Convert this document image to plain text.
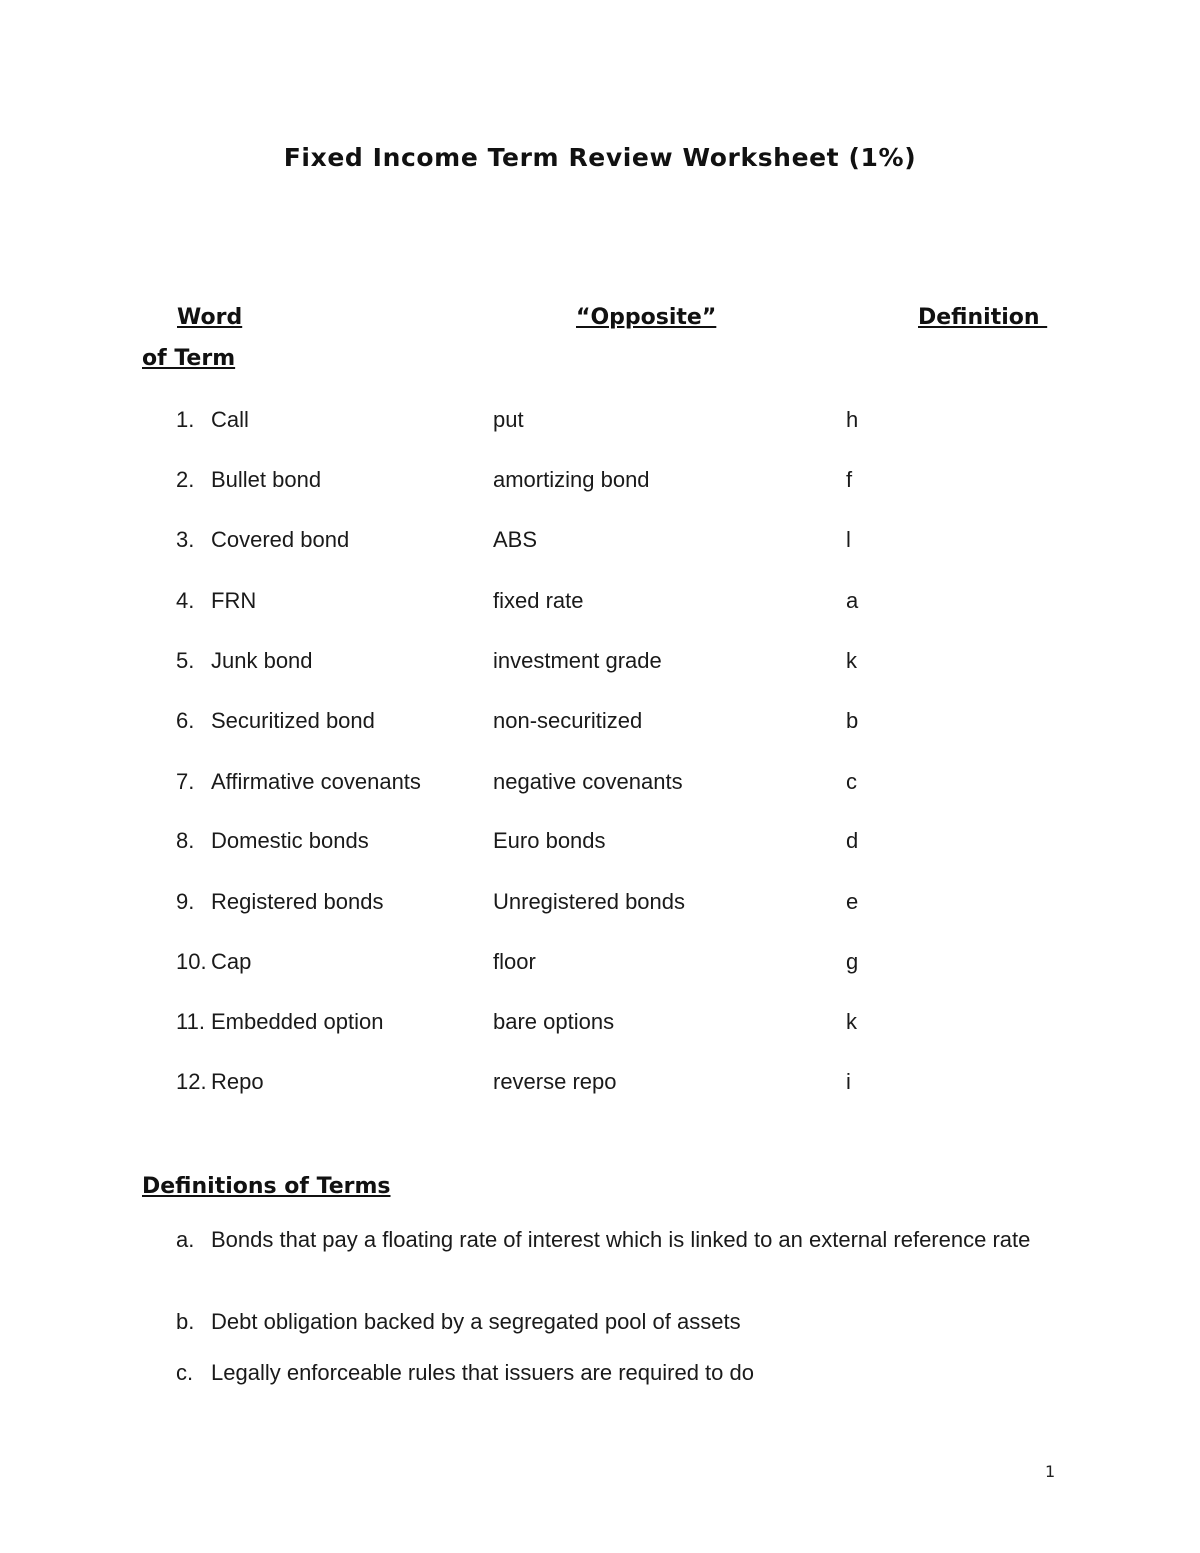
Fixed Income Term Review Worksheet (1%)
Word	“Opposite”	Definition
of Term
1. Call	put	h
2. Bullet bond	amortizing bond	f
3. Covered bond	ABS	l
4. FRN	fixed rate	a
5. Junk bond	investment grade	k
6. Securitized bond	non-securitized	b
7. Affirmative covenants	negative covenants	c
8. Domestic bonds	Euro bonds	d
9. Registered bonds	Unregistered bonds	e
10. Cap	floor	g
11. Embedded option	bare options	k
12. Repo	reverse repo	i
Definitions of Terms
a. Bonds that pay a floating rate of interest which is linked to an external reference rate
b. Debt obligation backed by a segregated pool of assets
c. Legally enforceable rules that issuers are required to do
1
